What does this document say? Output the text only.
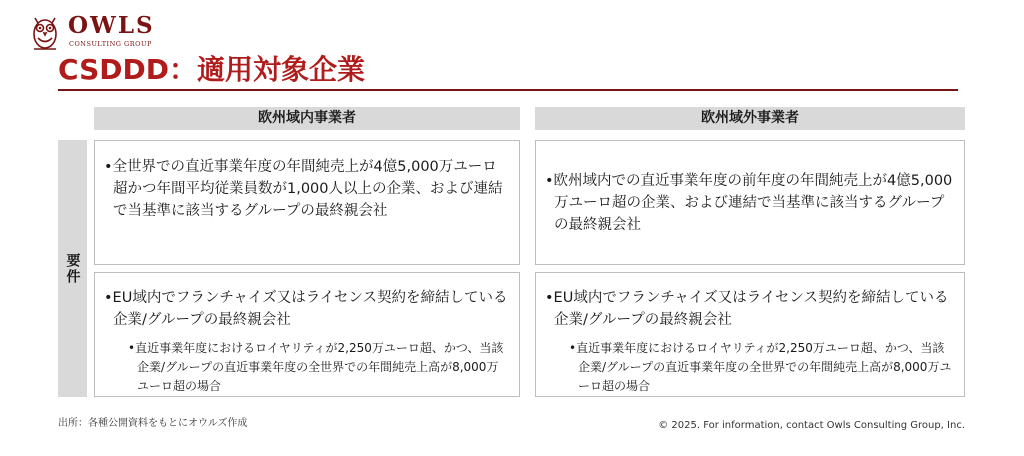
OWLS
CONSULTING GROUP
CSDDD：適用対象企業
欧州域内事業者	欧州域外事業者
要件

•全世界での直近事業年度の年間純売上が4億5,000万ユーロ超かつ年間平均従業員数が1,000人以上の企業、および連結で当基準に該当するグループの最終親会社

•欧州域内での直近事業年度の前年度の年間純売上が4億5,000万ユーロ超の企業、および連結で当基準に該当するグループの最終親会社

•EU域内でフランチャイズ又はライセンス契約を締結している企業/グループの最終親会社

•直近事業年度におけるロイヤリティが2,250万ユーロ超、かつ、当該企業/グループの直近事業年度の全世界での年間純売上高が8,000万ユーロ超の場合

•EU域内でフランチャイズ又はライセンス契約を締結している企業/グループの最終親会社

•直近事業年度におけるロイヤリティが2,250万ユーロ超、かつ、当該企業/グループの直近事業年度の全世界での年間純売上高が8,000万ユーロ超の場合

出所：各種公開資料をもとにオウルズ作成	© 2025. For information, contact Owls Consulting Group, Inc.
